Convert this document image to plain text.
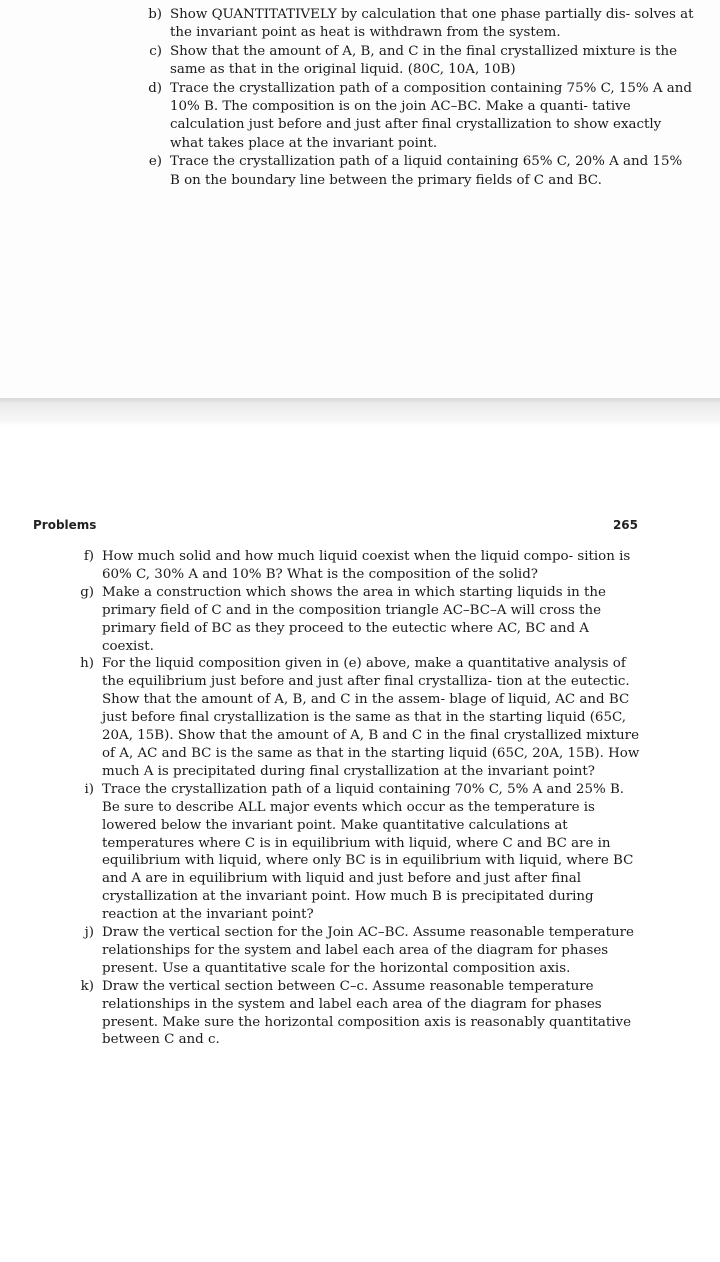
b) Show QUANTITATIVELY by calculation that one phase partially dis- solves at the invariant point as heat is withdrawn from the system.
c) Show that the amount of A, B, and C in the final crystallized mixture is the same as that in the original liquid. (80C, 10A, 10B)
d) Trace the crystallization path of a composition containing 75% C, 15% A and 10% B. The composition is on the join AC–BC. Make a quanti- tative calculation just before and just after final crystallization to show exactly what takes place at the invariant point.
e) Trace the crystallization path of a liquid containing 65% C, 20% A and 15% B on the boundary line between the primary fields of C and BC.
Problems	265
f) How much solid and how much liquid coexist when the liquid compo- sition is 60% C, 30% A and 10% B? What is the composition of the solid?
g) Make a construction which shows the area in which starting liquids in the primary field of C and in the composition triangle AC–BC–A will cross the primary field of BC as they proceed to the eutectic where AC, BC and A coexist.
h) For the liquid composition given in (e) above, make a quantitative analysis of the equilibrium just before and just after final crystalliza- tion at the eutectic. Show that the amount of A, B, and C in the assem- blage of liquid, AC and BC just before final crystallization is the same as that in the starting liquid (65C, 20A, 15B). Show that the amount of A, B and C in the final crystallized mixture of A, AC and BC is the same as that in the starting liquid (65C, 20A, 15B). How much A is precipitated during final crystallization at the invariant point?
i) Trace the crystallization path of a liquid containing 70% C, 5% A and 25% B. Be sure to describe ALL major events which occur as the temperature is lowered below the invariant point. Make quantitative calculations at temperatures where C is in equilibrium with liquid, where C and BC are in equilibrium with liquid, where only BC is in equilibrium with liquid, where BC and A are in equilibrium with liquid and just before and just after final crystallization at the invariant point. How much B is precipitated during reaction at the invariant point?
j) Draw the vertical section for the Join AC–BC. Assume reasonable temperature relationships for the system and label each area of the diagram for phases present. Use a quantitative scale for the horizontal composition axis.
k) Draw the vertical section between C–c. Assume reasonable temperature relationships in the system and label each area of the diagram for phases present. Make sure the horizontal composition axis is reasonably quantitative between C and c.
